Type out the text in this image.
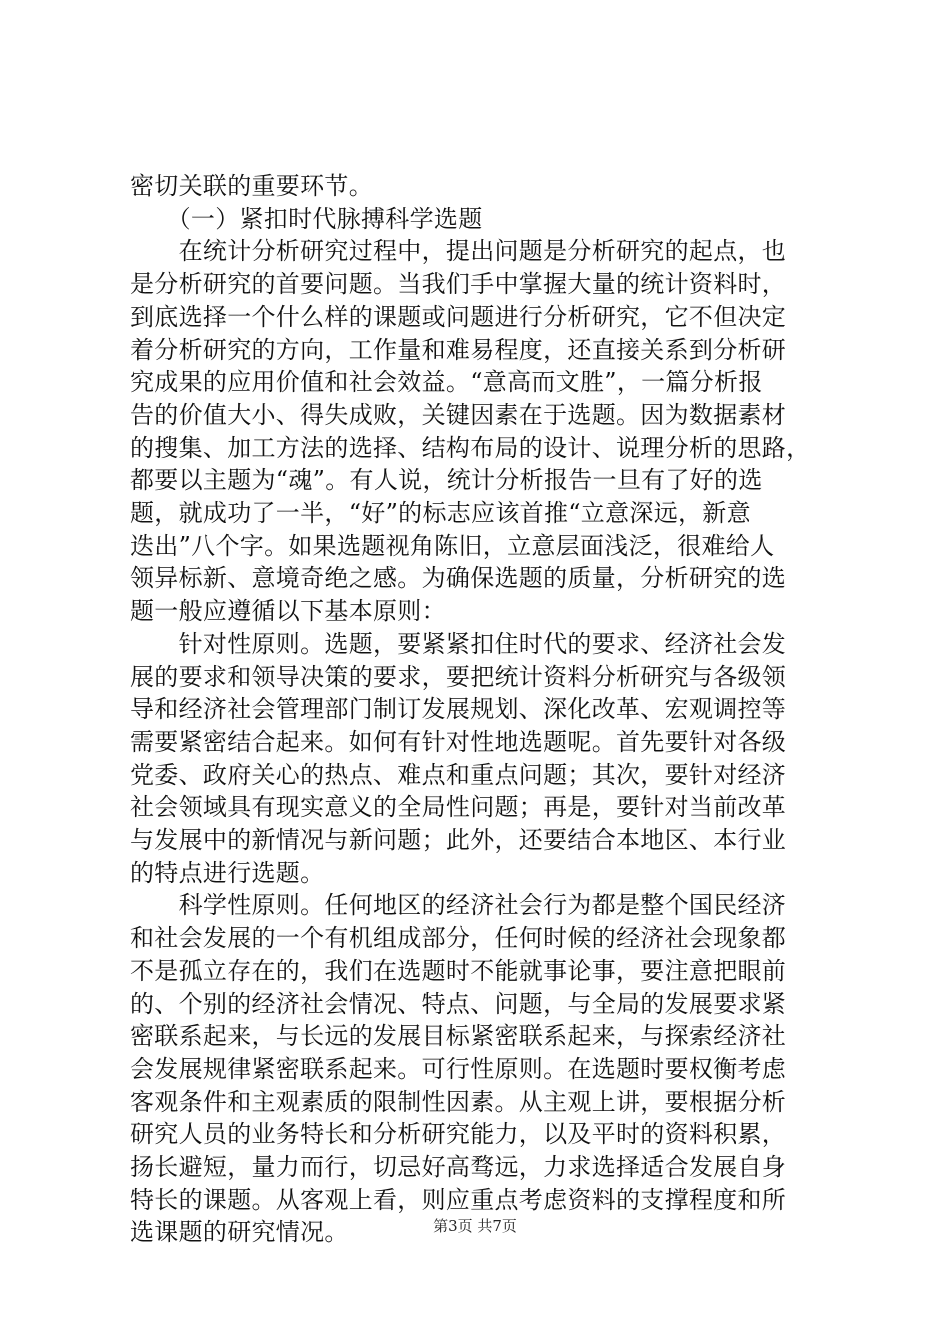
密切关联的重要环节。
　　（一）紧扣时代脉搏科学选题
　　在统计分析研究过程中，提出问题是分析研究的起点，也
是分析研究的首要问题。当我们手中掌握大量的统计资料时，
到底选择一个什么样的课题或问题进行分析研究，它不但决定
着分析研究的方向，工作量和难易程度，还直接关系到分析研
究成果的应用价值和社会效益。“意高而文胜”，一篇分析报
告的价值大小、得失成败，关键因素在于选题。因为数据素材
的搜集、加工方法的选择、结构布局的设计、说理分析的思路，
都要以主题为“魂”。有人说，统计分析报告一旦有了好的选
题，就成功了一半，“好”的标志应该首推“立意深远，新意
迭出”八个字。如果选题视角陈旧，立意层面浅泛，很难给人
领异标新、意境奇绝之感。为确保选题的质量，分析研究的选
题一般应遵循以下基本原则：
　　针对性原则。选题，要紧紧扣住时代的要求、经济社会发
展的要求和领导决策的要求，要把统计资料分析研究与各级领
导和经济社会管理部门制订发展规划、深化改革、宏观调控等
需要紧密结合起来。如何有针对性地选题呢。首先要针对各级
党委、政府关心的热点、难点和重点问题；其次，要针对经济
社会领域具有现实意义的全局性问题；再是，要针对当前改革
与发展中的新情况与新问题；此外，还要结合本地区、本行业
的特点进行选题。
　　科学性原则。任何地区的经济社会行为都是整个国民经济
和社会发展的一个有机组成部分，任何时候的经济社会现象都
不是孤立存在的，我们在选题时不能就事论事，要注意把眼前
的、个别的经济社会情况、特点、问题，与全局的发展要求紧
密联系起来，与长远的发展目标紧密联系起来，与探索经济社
会发展规律紧密联系起来。可行性原则。在选题时要权衡考虑
客观条件和主观素质的限制性因素。从主观上讲，要根据分析
研究人员的业务特长和分析研究能力，以及平时的资料积累，
扬长避短，量力而行，切忌好高骛远，力求选择适合发展自身
特长的课题。从客观上看，则应重点考虑资料的支撑程度和所
选课题的研究情况。	第3页 共7页
